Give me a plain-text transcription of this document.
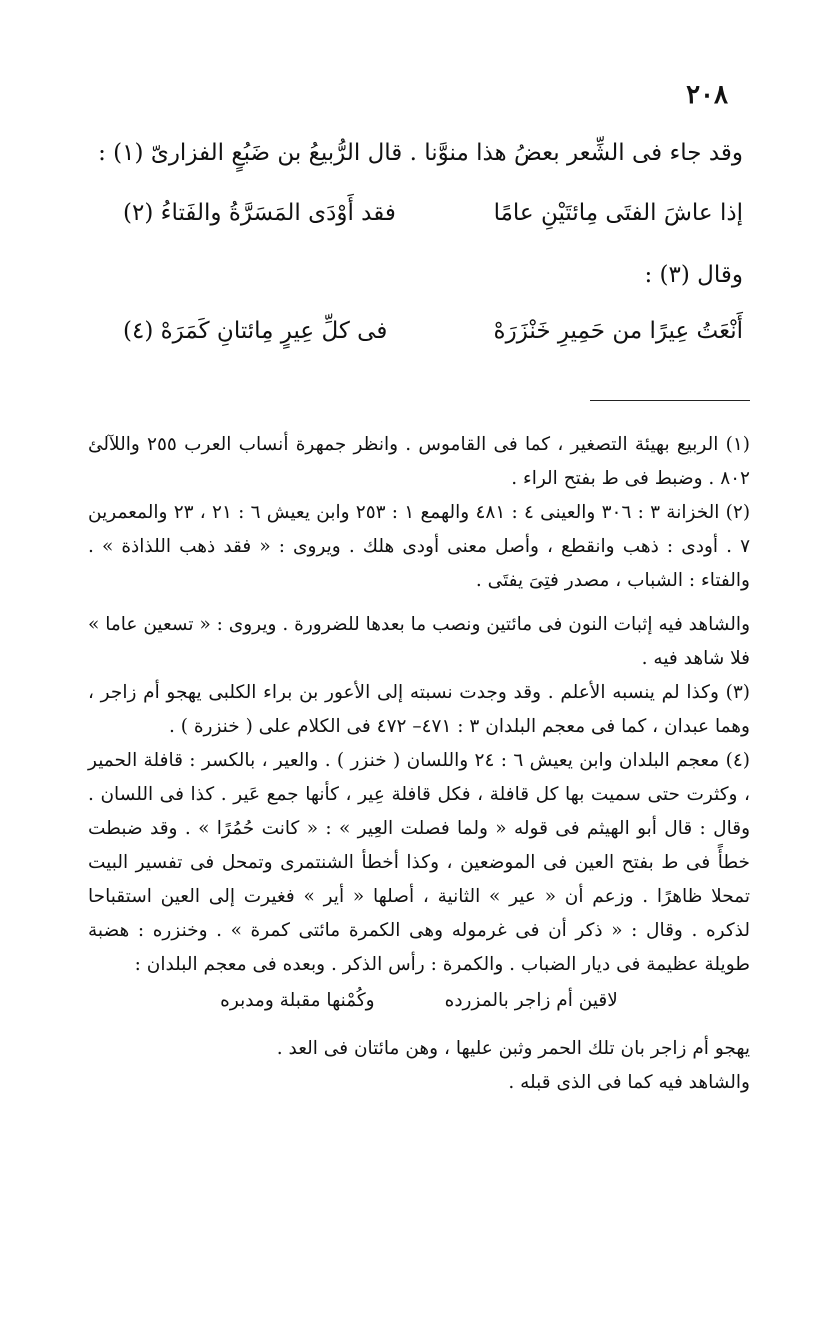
٢٠٨
وقد جاء فى الشِّعر بعضُ هذا منوَّنا . قال الرُّبيعُ بن ضَبُعٍ الفزارىّ (١) :
إذا عاشَ الفتَى مِائتَيْنِ عامًا
فقد أَوْدَى المَسَرَّةُ والفَتاءُ (٢)
وقال (٣) :
أَنْعَتُ عِيرًا من حَمِيرِ خَنْزَرَهْ
فى كلِّ عِيرٍ مِائتانِ كَمَرَهْ (٤)

(١) الربيع بهيئة التصغير ، كما فى القاموس . وانظر جمهرة أنساب العرب ٢٥٥ واللآلئ ٨٠٢ . وضبط فى ط بفتح الراء .

(٢) الخزانة ٣ : ٣٠٦ والعينى ٤ : ٤٨١ والهمع ١ : ٢٥٣ وابن يعيش ٦ : ٢١ ، ٢٣ والمعمرين ٧ . أودى : ذهب وانقطع ، وأصل معنى أودى هلك . ويروى : « فقد ذهب اللذاذة » . والفتاء : الشباب ، مصدر فتِىَ يفتَى .

والشاهد فيه إثبات النون فى مائتين ونصب ما بعدها للضرورة . ويروى : « تسعين عاما » فلا شاهد فيه .

(٣) وكذا لم ينسبه الأعلم . وقد وجدت نسبته إلى الأعور بن براء الكلبى يهجو أم زاجر ، وهما عبدان ، كما فى معجم البلدان ٣ : ٤٧١– ٤٧٢ فى الكلام على ( خنزرة ) .

(٤) معجم البلدان وابن يعيش ٦ : ٢٤ واللسان ( خنزر ) . والعير ، بالكسر : قافلة الحمير ، وكثرت حتى سميت بها كل قافلة ، فكل قافلة عِير ، كأنها جمع عَير . كذا فى اللسان . وقال : قال أبو الهيثم فى قوله « ولما فصلت العِير » : « كانت حُمُرًا » . وقد ضبطت خطأً فى ط بفتح العين فى الموضعين ، وكذا أخطأ الشنتمرى وتمحل فى تفسير البيت تمحلا ظاهرًا . وزعم أن « عير » الثانية ، أصلها « أير » فغيرت إلى العين استقباحا لذكره . وقال : « ذكر أن فى غرموله وهى الكمرة مائتى كمرة » . وخنزره : هضبة طويلة عظيمة فى ديار الضباب . والكمرة : رأس الذكر . وبعده فى معجم البلدان :

لاقين أم زاجر بالمزرده
وكُمْنها مقبلة ومدبره

يهجو أم زاجر بان تلك الحمر وثبن عليها ، وهن مائتان فى العد .

والشاهد فيه كما فى الذى قبله .
